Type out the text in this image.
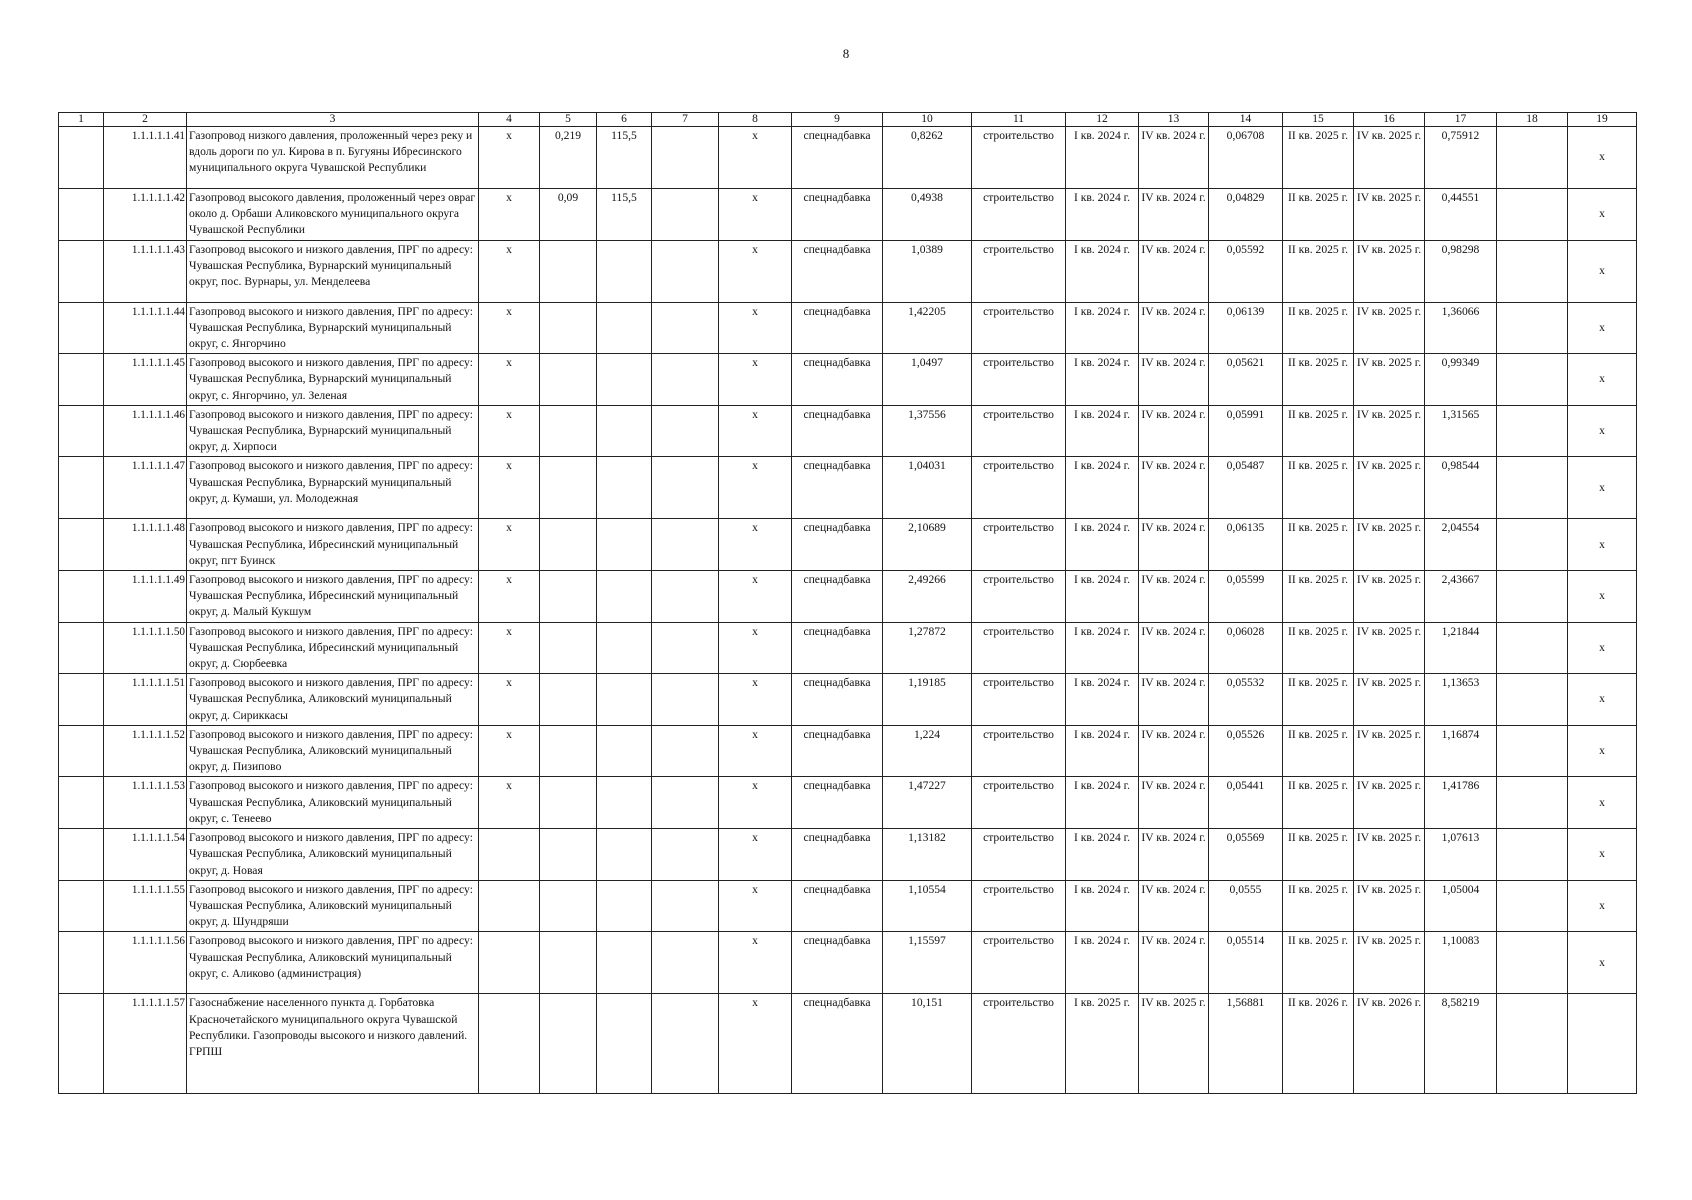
8
1	2	3	4	5	6	7	8	9	10	11	12	13	14	15	16	17	18	19
	1.1.1.1.1.41	Газопровод низкого давления, проложенный через реку и вдоль дороги по ул. Кирова в п. Бугуяны Ибресинского муниципального округа Чувашской Республики	х	0,219	115,5		х	спецнадбавка	0,8262	строительство	I кв. 2024 г.	IV кв. 2024 г.	0,06708	II кв. 2025 г.	IV кв. 2025 г.	0,75912		х
	1.1.1.1.1.42	Газопровод высокого давления, проложенный через овраг около д. Орбаши Аликовского муниципального округа Чувашской Республики	х	0,09	115,5		х	спецнадбавка	0,4938	строительство	I кв. 2024 г.	IV кв. 2024 г.	0,04829	II кв. 2025 г.	IV кв. 2025 г.	0,44551		х
	1.1.1.1.1.43	Газопровод высокого и низкого давления, ПРГ по адресу: Чувашская Республика, Вурнарский муниципальный округ, пос. Вурнары, ул. Менделеева	х				х	спецнадбавка	1,0389	строительство	I кв. 2024 г.	IV кв. 2024 г.	0,05592	II кв. 2025 г.	IV кв. 2025 г.	0,98298		х
	1.1.1.1.1.44	Газопровод высокого и низкого давления, ПРГ по адресу: Чувашская Республика, Вурнарский муниципальный округ, с. Янгорчино	х				х	спецнадбавка	1,42205	строительство	I кв. 2024 г.	IV кв. 2024 г.	0,06139	II кв. 2025 г.	IV кв. 2025 г.	1,36066		х
	1.1.1.1.1.45	Газопровод высокого и низкого давления, ПРГ по адресу: Чувашская Республика, Вурнарский муниципальный округ, с. Янгорчино, ул. Зеленая	х				х	спецнадбавка	1,0497	строительство	I кв. 2024 г.	IV кв. 2024 г.	0,05621	II кв. 2025 г.	IV кв. 2025 г.	0,99349		х
	1.1.1.1.1.46	Газопровод высокого и низкого давления, ПРГ по адресу: Чувашская Республика, Вурнарский муниципальный округ, д. Хирпоси	х				х	спецнадбавка	1,37556	строительство	I кв. 2024 г.	IV кв. 2024 г.	0,05991	II кв. 2025 г.	IV кв. 2025 г.	1,31565		х
	1.1.1.1.1.47	Газопровод высокого и низкого давления, ПРГ по адресу: Чувашская Республика, Вурнарский муниципальный округ, д. Кумаши, ул. Молодежная	х				х	спецнадбавка	1,04031	строительство	I кв. 2024 г.	IV кв. 2024 г.	0,05487	II кв. 2025 г.	IV кв. 2025 г.	0,98544		х
	1.1.1.1.1.48	Газопровод высокого и низкого давления, ПРГ по адресу: Чувашская Республика, Ибресинский муниципальный округ, пгт Буинск	х				х	спецнадбавка	2,10689	строительство	I кв. 2024 г.	IV кв. 2024 г.	0,06135	II кв. 2025 г.	IV кв. 2025 г.	2,04554		х
	1.1.1.1.1.49	Газопровод высокого и низкого давления, ПРГ по адресу: Чувашская Республика, Ибресинский муниципальный округ, д. Малый Кукшум	х				х	спецнадбавка	2,49266	строительство	I кв. 2024 г.	IV кв. 2024 г.	0,05599	II кв. 2025 г.	IV кв. 2025 г.	2,43667		х
	1.1.1.1.1.50	Газопровод высокого и низкого давления, ПРГ по адресу: Чувашская Республика, Ибресинский муниципальный округ, д. Сюрбеевка	х				х	спецнадбавка	1,27872	строительство	I кв. 2024 г.	IV кв. 2024 г.	0,06028	II кв. 2025 г.	IV кв. 2025 г.	1,21844		х
	1.1.1.1.1.51	Газопровод высокого и низкого давления, ПРГ по адресу: Чувашская Республика, Аликовский муниципальный округ, д. Сириккасы	х				х	спецнадбавка	1,19185	строительство	I кв. 2024 г.	IV кв. 2024 г.	0,05532	II кв. 2025 г.	IV кв. 2025 г.	1,13653		х
	1.1.1.1.1.52	Газопровод высокого и низкого давления, ПРГ по адресу: Чувашская Республика, Аликовский муниципальный округ, д. Пизипово	х				х	спецнадбавка	1,224	строительство	I кв. 2024 г.	IV кв. 2024 г.	0,05526	II кв. 2025 г.	IV кв. 2025 г.	1,16874		х
	1.1.1.1.1.53	Газопровод высокого и низкого давления, ПРГ по адресу: Чувашская Республика, Аликовский муниципальный округ, с. Тенеево	х				х	спецнадбавка	1,47227	строительство	I кв. 2024 г.	IV кв. 2024 г.	0,05441	II кв. 2025 г.	IV кв. 2025 г.	1,41786		х
	1.1.1.1.1.54	Газопровод высокого и низкого давления, ПРГ по адресу: Чувашская Республика, Аликовский муниципальный округ, д. Новая					х	спецнадбавка	1,13182	строительство	I кв. 2024 г.	IV кв. 2024 г.	0,05569	II кв. 2025 г.	IV кв. 2025 г.	1,07613		х
	1.1.1.1.1.55	Газопровод высокого и низкого давления, ПРГ по адресу: Чувашская Республика, Аликовский муниципальный округ, д. Шундряши					х	спецнадбавка	1,10554	строительство	I кв. 2024 г.	IV кв. 2024 г.	0,0555	II кв. 2025 г.	IV кв. 2025 г.	1,05004		х
	1.1.1.1.1.56	Газопровод высокого и низкого давления, ПРГ по адресу: Чувашская Республика, Аликовский муниципальный округ, с. Аликово (администрация)					х	спецнадбавка	1,15597	строительство	I кв. 2024 г.	IV кв. 2024 г.	0,05514	II кв. 2025 г.	IV кв. 2025 г.	1,10083		х
	1.1.1.1.1.57	Газоснабжение населенного пункта д. Горбатовка Красночетайского муниципального округа Чувашской Республики. Газопроводы высокого и низкого давлений. ГРПШ					х	спецнадбавка	10,151	строительство	I кв. 2025 г.	IV кв. 2025 г.	1,56881	II кв. 2026 г.	IV кв. 2026 г.	8,58219		
